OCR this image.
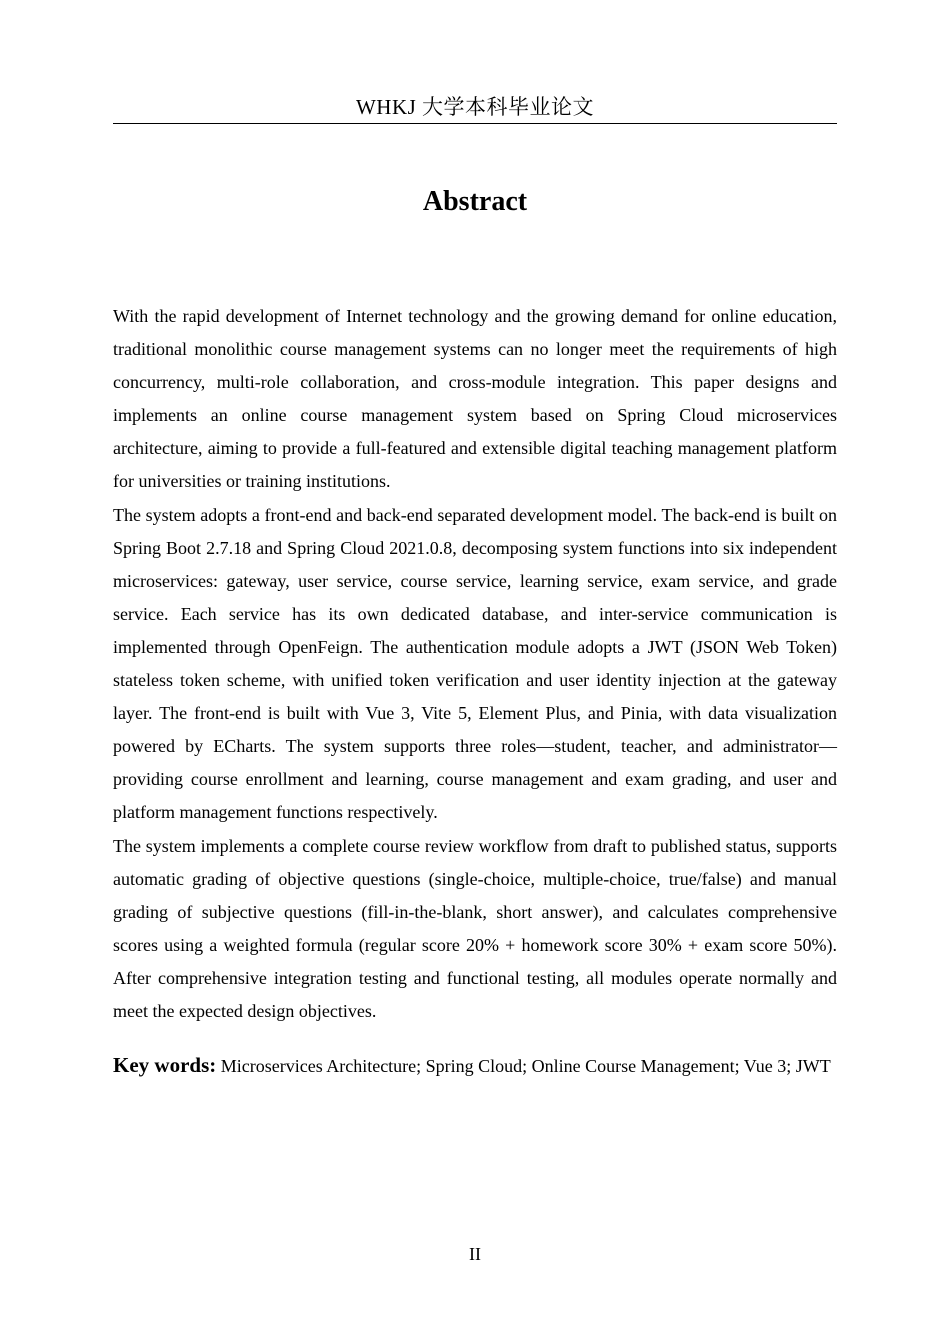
WHKJ 大学本科毕业论文
Abstract

With the rapid development of Internet technology and the growing demand for online education, traditional monolithic course management systems can no longer meet the requirements of high concurrency, multi-role collaboration, and cross-module integration. This paper designs and implements an online course management system based on Spring Cloud microservices architecture, aiming to provide a full-featured and extensible digital teaching management platform for universities or training institutions.

The system adopts a front-end and back-end separated development model. The back-end is built on Spring Boot 2.7.18 and Spring Cloud 2021.0.8, decomposing system functions into six independent microservices: gateway, user service, course service, learning service, exam service, and grade service. Each service has its own dedicated database, and inter-service communication is implemented through OpenFeign. The authentication module adopts a JWT (JSON Web Token) stateless token scheme, with unified token verification and user identity injection at the gateway layer. The front-end is built with Vue 3, Vite 5, Element Plus, and Pinia, with data visualization powered by ECharts. The system supports three roles—student, teacher, and administrator—providing course enrollment and learning, course management and exam grading, and user and platform management functions respectively.

The system implements a complete course review workflow from draft to published status, supports automatic grading of objective questions (single-choice, multiple-choice, true/false) and manual grading of subjective questions (fill-in-the-blank, short answer), and calculates comprehensive scores using a weighted formula (regular score 20% + homework score 30% + exam score 50%). After comprehensive integration testing and functional testing, all modules operate normally and meet the expected design objectives.

Key words: Microservices Architecture; Spring Cloud; Online Course Management; Vue 3; JWT

II
